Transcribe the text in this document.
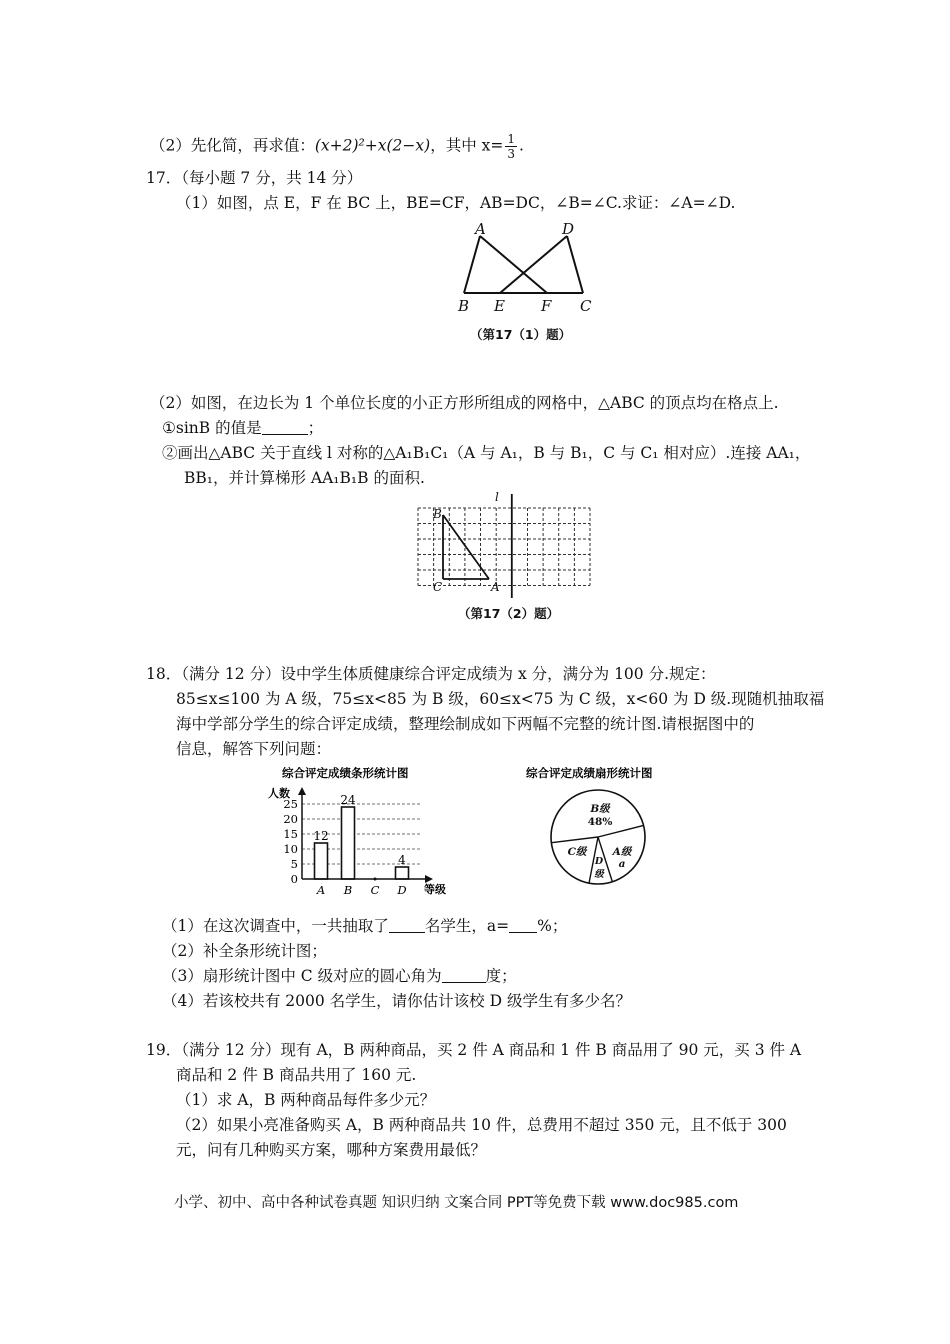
（2）先化简，再求值：(x+2)²+x(2−x)，其中 $x= \frac{1}{3}$ .
17．（每小题 7 分，共 14 分）
（1）如图，点 E，F 在 BC 上，BE=CF，AB=DC，∠B=∠C.求证：∠A=∠D.
A	D
B E F C
（第17（1）题）
（2）如图，在边长为 1 个单位长度的小正方形所组成的网格中，△ABC 的顶点均在格点上.
①sinB 的值是	；
②画出△ABC 关于直线 l 对称的△A₁B₁C₁（A 与 A₁，B 与 B₁，C 与 C₁ 相对应）.连接 AA₁，
BB₁，并计算梯形 AA₁B₁B 的面积.
B
C	A
l
（第17（2）题）
18．（满分 12 分）设中学生体质健康综合评定成绩为 x 分，满分为 100 分.规定：
85≤x≤100 为 A 级，75≤x<85 为 B 级，60≤x<75 为 C 级，x<60 为 D 级.现随机抽取福
海中学部分学生的综合评定成绩，整理绘制成如下两幅不完整的统计图.请根据图中的
信息，解答下列问题：
综合评定成绩条形统计图
人数
等级
0
5
10
15
20
25
12
24
4
A B C D
综合评定成绩扇形统计图
B级
48%
A级
a
C级
D
级
（1）在这次调查中，一共抽取了 名学生，a= %；
（2）补全条形统计图；
（3）扇形统计图中 C 级对应的圆心角为	度；
（4）若该校共有 2000 名学生，请你估计该校 D 级学生有多少名？
19．（满分 12 分）现有 A，B 两种商品，买 2 件 A 商品和 1 件 B 商品用了 90 元，买 3 件 A
商品和 2 件 B 商品共用了 160 元.
（1）求 A，B 两种商品每件多少元？
（2）如果小亮准备购买 A，B 两种商品共 10 件，总费用不超过 350 元，且不低于 300
元，问有几种购买方案，哪种方案费用最低？
小学、初中、高中各种试卷真题 知识归纳 文案合同 PPT等免费下载 www.doc985.com
